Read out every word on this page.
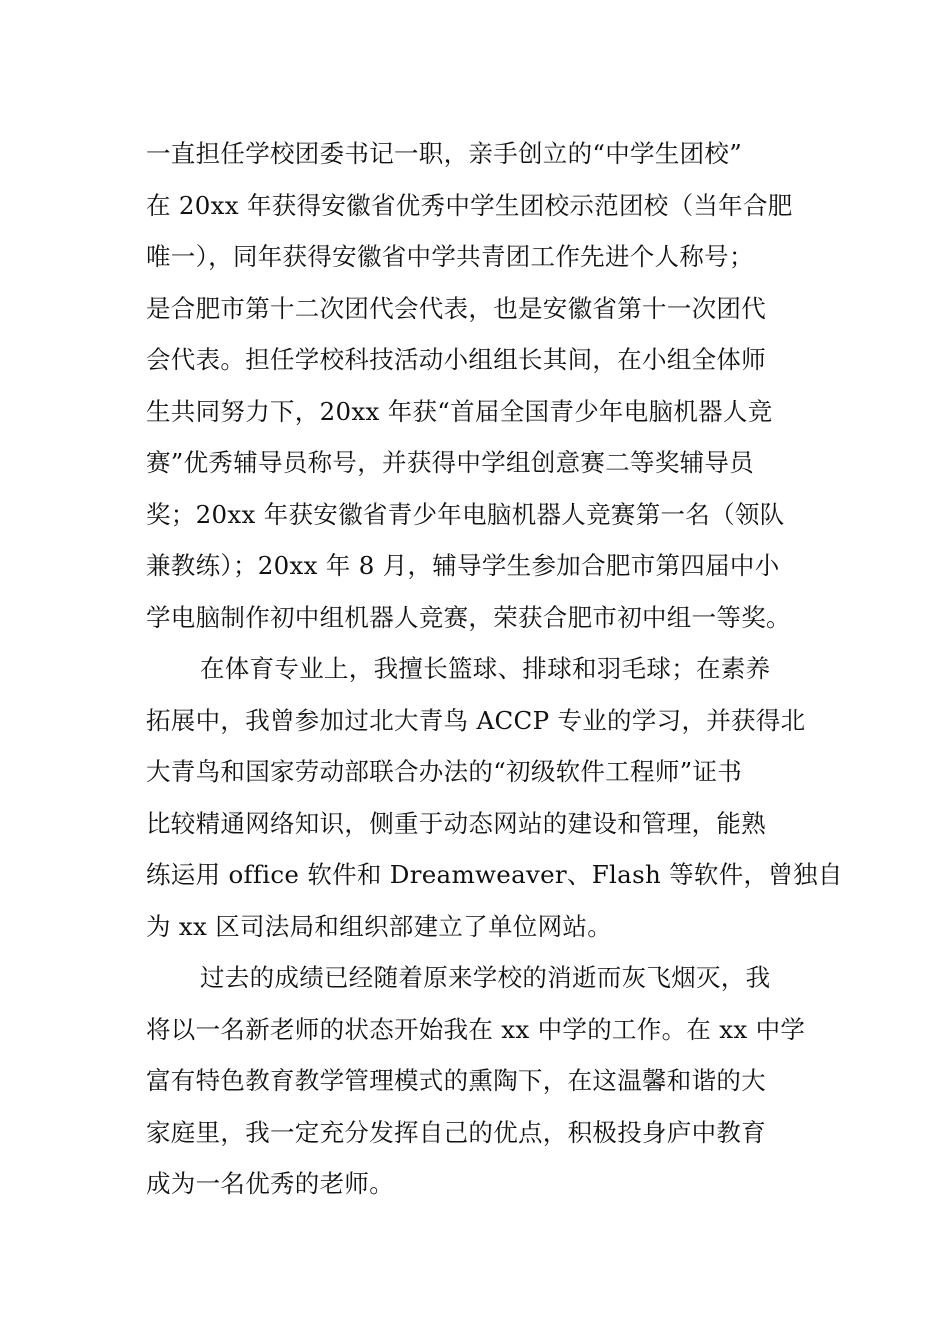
一直担任学校团委书记一职，亲手创立的“中学生团校”
在 20xx 年获得安徽省优秀中学生团校示范团校（当年合肥
唯一），同年获得安徽省中学共青团工作先进个人称号；
是合肥市第十二次团代会代表，也是安徽省第十一次团代
会代表。担任学校科技活动小组组长其间，在小组全体师
生共同努力下，20xx 年获“首届全国青少年电脑机器人竞
赛”优秀辅导员称号，并获得中学组创意赛二等奖辅导员
奖；20xx 年获安徽省青少年电脑机器人竞赛第一名（领队
兼教练）；20xx 年 8 月，辅导学生参加合肥市第四届中小
学电脑制作初中组机器人竞赛，荣获合肥市初中组一等奖。

在体育专业上，我擅长篮球、排球和羽毛球；在素养
拓展中，我曾参加过北大青鸟 ACCP 专业的学习，并获得北
大青鸟和国家劳动部联合办法的“初级软件工程师”证书
比较精通网络知识，侧重于动态网站的建设和管理，能熟
练运用 office 软件和 Dreamweaver、Flash 等软件，曾独自
为 xx 区司法局和组织部建立了单位网站。

过去的成绩已经随着原来学校的消逝而灰飞烟灭，我
将以一名新老师的状态开始我在 xx 中学的工作。在 xx 中学
富有特色教育教学管理模式的熏陶下，在这温馨和谐的大
家庭里，我一定充分发挥自己的优点，积极投身庐中教育
成为一名优秀的老师。
